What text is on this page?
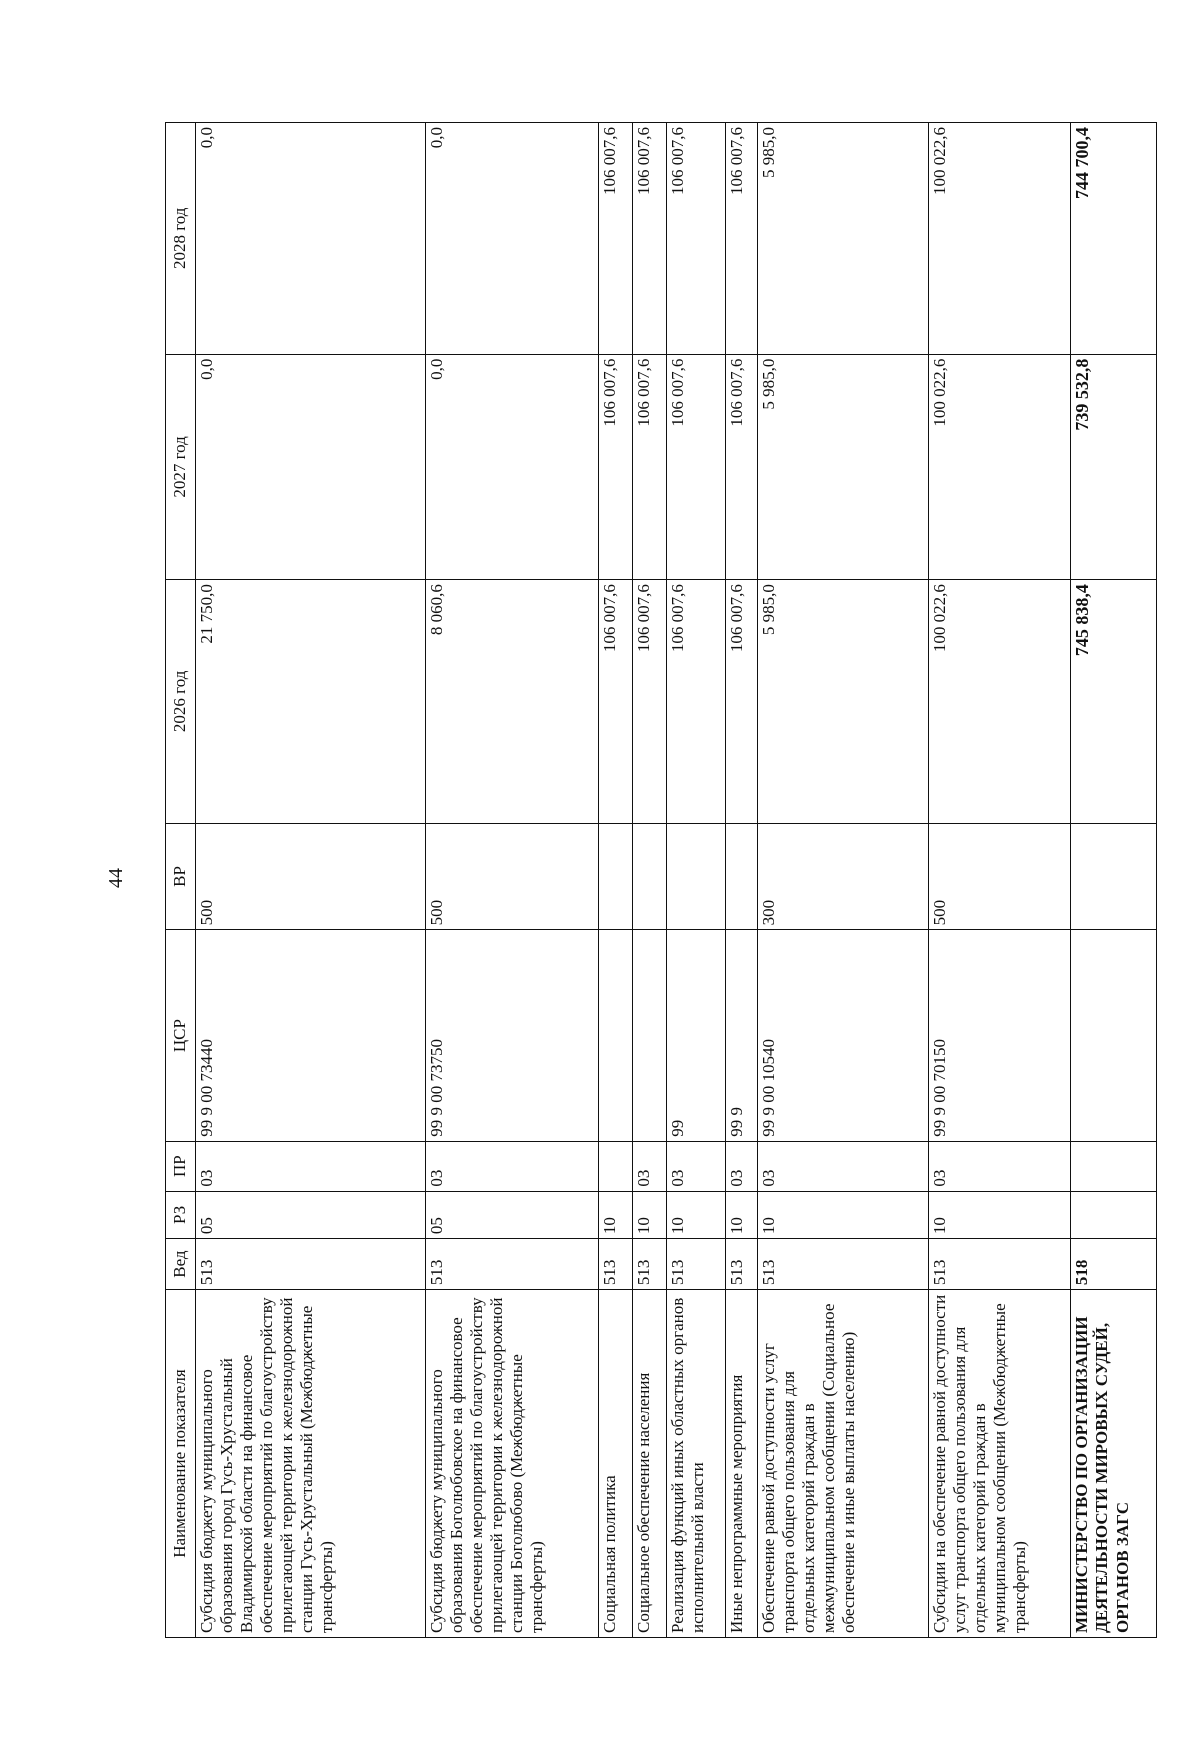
44
Наименование показателя	Вед	РЗ	ПР	ЦСР	ВР	2026 год	2027 год	2028 год
Субсидия бюджету муниципального образования город Гусь-Хрустальный Владимирской области на финансовое обеспечение мероприятий по благоустройству прилегающей территории к железнодорожной станции Гусь-Хрустальный (Межбюджетные трансферты)	513	05	03	99 9 00 73440	500	21 750,0	0,0	0,0
Субсидия бюджету муниципального образования Боголюбовское на финансовое обеспечение мероприятий по благоустройству прилегающей территории к железнодорожной станции Боголюбово (Межбюджетные трансферты)	513	05	03	99 9 00 73750	500	8 060,6	0,0	0,0
Социальная политика	513	10				106 007,6	106 007,6	106 007,6
Социальное обеспечение населения	513	10	03			106 007,6	106 007,6	106 007,6
Реализация функций иных областных органов исполнительной власти	513	10	03	99		106 007,6	106 007,6	106 007,6
Иные непрограммные мероприятия	513	10	03	99 9		106 007,6	106 007,6	106 007,6
Обеспечение равной доступности услуг транспорта общего пользования для отдельных категорий граждан в межмуниципальном сообщении (Социальное обеспечение и иные выплаты населению)	513	10	03	99 9 00 10540	300	5 985,0	5 985,0	5 985,0
Субсидии на обеспечение равной доступности услуг транспорта общего пользования для отдельных категорий граждан в муниципальном сообщении (Межбюджетные трансферты)	513	10	03	99 9 00 70150	500	100 022,6	100 022,6	100 022,6
МИНИСТЕРСТВО ПО ОРГАНИЗАЦИИ ДЕЯТЕЛЬНОСТИ МИРОВЫХ СУДЕЙ, ОРГАНОВ ЗАГС	518					745 838,4	739 532,8	744 700,4
